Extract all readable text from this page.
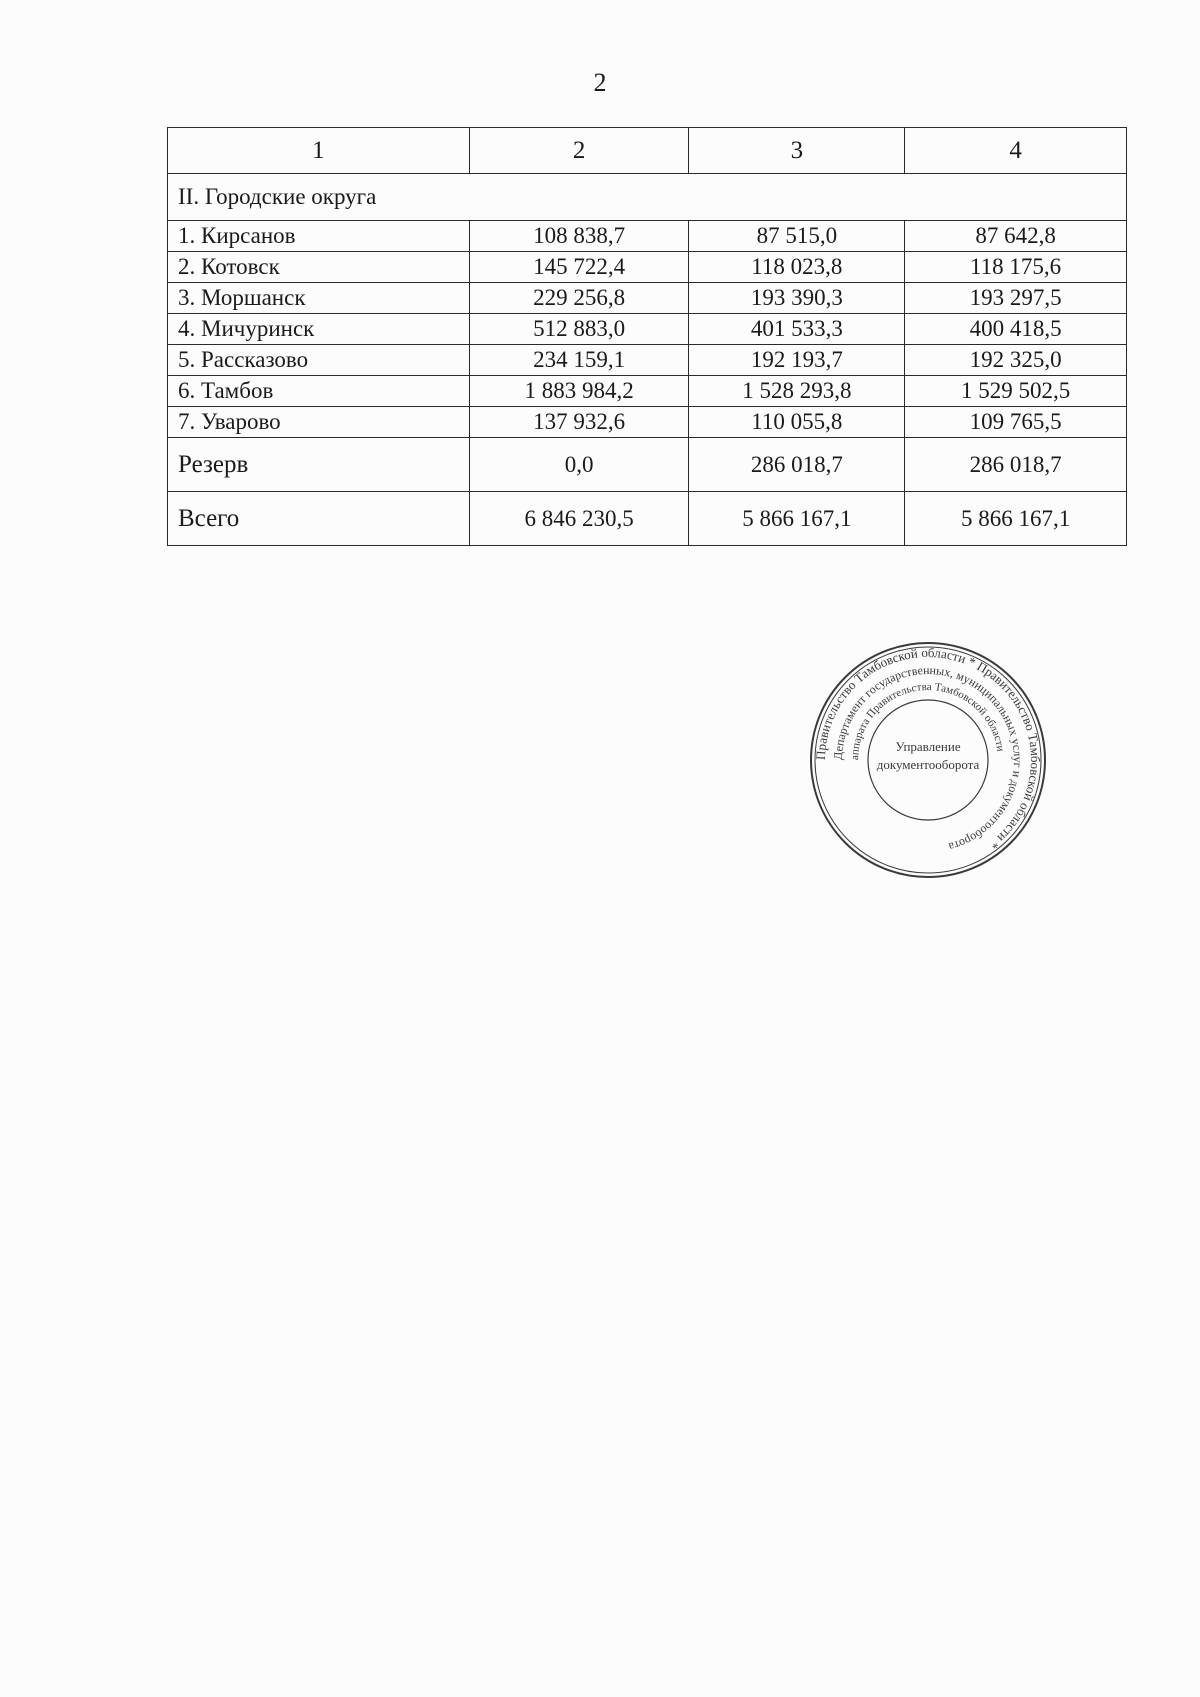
2
1	2	3	4
II. Городские округа			
1. Кирсанов	108 838,7	87 515,0	87 642,8
2. Котовск	145 722,4	118 023,8	118 175,6
3. Моршанск	229 256,8	193 390,3	193 297,5
4. Мичуринск	512 883,0	401 533,3	400 418,5
5. Рассказово	234 159,1	192 193,7	192 325,0
6. Тамбов	1 883 984,2	1 528 293,8	1 529 502,5
7. Уварово	137 932,6	110 055,8	109 765,5
Резерв	0,0	286 018,7	286 018,7
Всего	6 846 230,5	5 866 167,1	5 866 167,1
Правительство Тамбовской области * Правительство Тамбовской области *
Департамент государственных, муниципальных услуг и документооборота
аппарата Правительства Тамбовской области
Управление
документооборота
